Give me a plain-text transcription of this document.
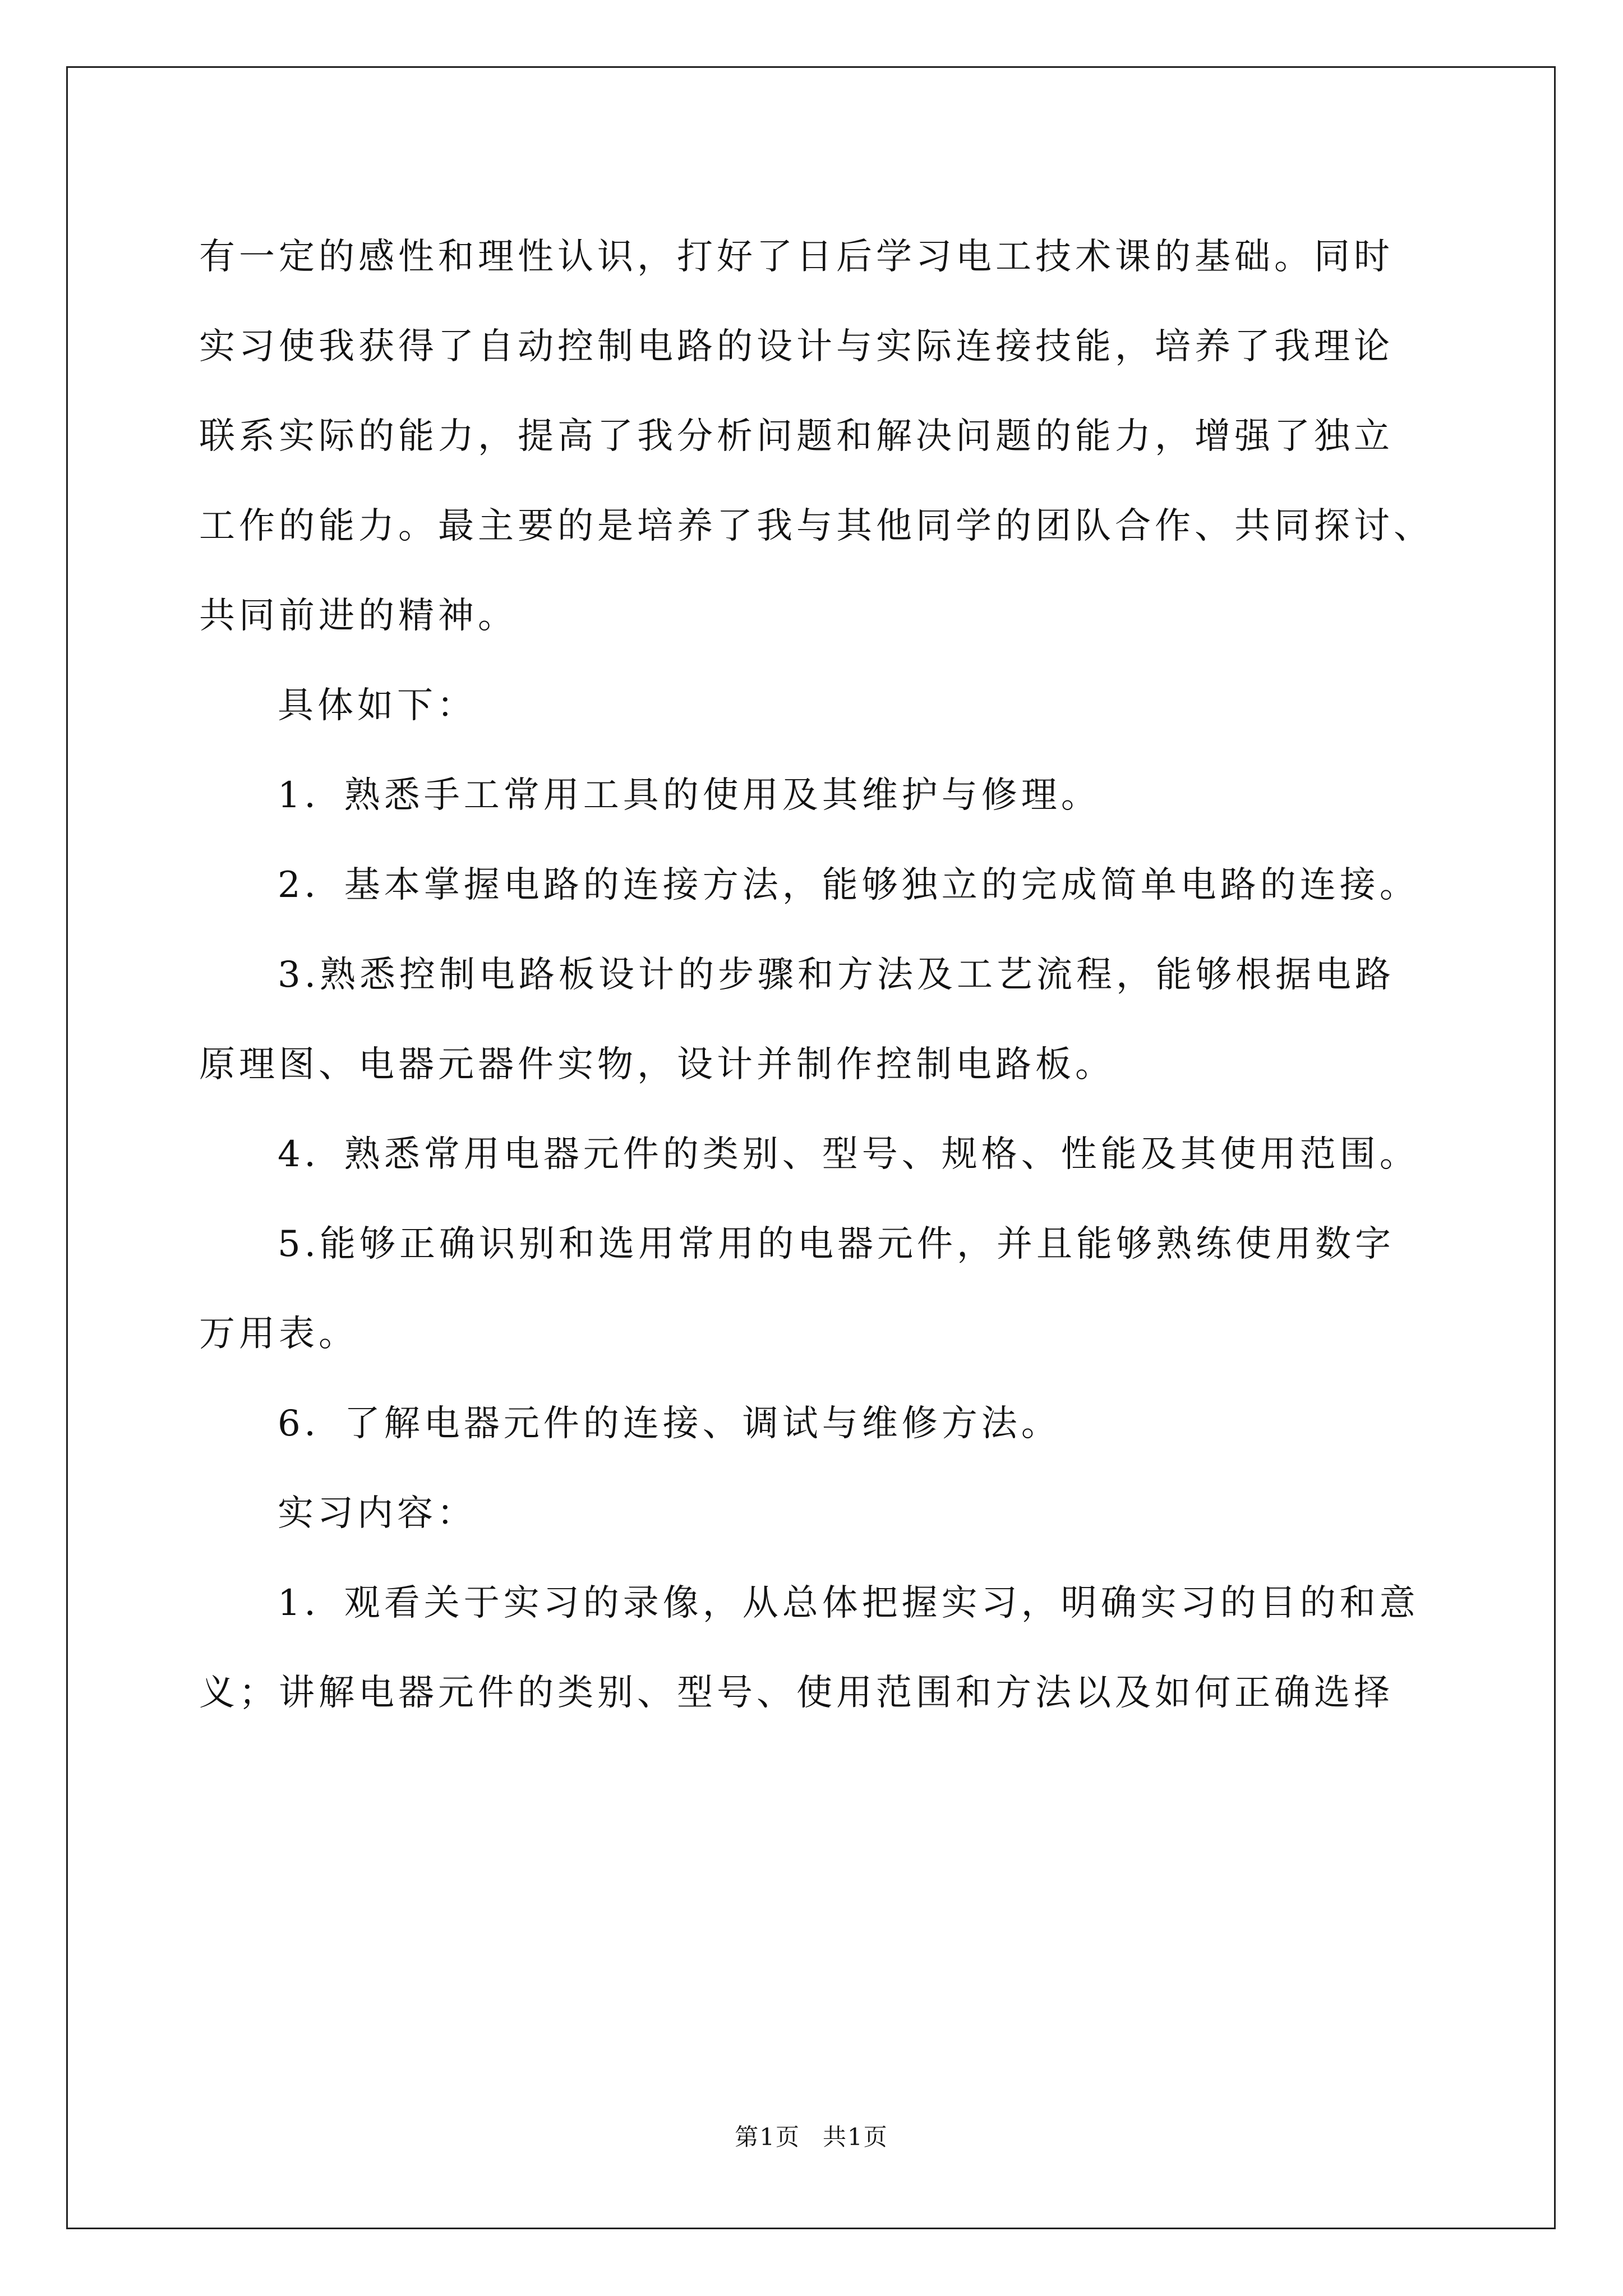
有一定的感性和理性认识，打好了日后学习电工技术课的基础。同时

实习使我获得了自动控制电路的设计与实际连接技能，培养了我理论

联系实际的能力，提高了我分析问题和解决问题的能力，增强了独立

工作的能力。最主要的是培养了我与其他同学的团队合作、共同探讨、

共同前进的精神。

具体如下：

1．熟悉手工常用工具的使用及其维护与修理。

2．基本掌握电路的连接方法，能够独立的完成简单电路的连接。

3.熟悉控制电路板设计的步骤和方法及工艺流程，能够根据电路

原理图、电器元器件实物，设计并制作控制电路板。

4．熟悉常用电器元件的类别、型号、规格、性能及其使用范围。

5.能够正确识别和选用常用的电器元件，并且能够熟练使用数字

万用表。

6．了解电器元件的连接、调试与维修方法。

实习内容：

1．观看关于实习的录像，从总体把握实习，明确实习的目的和意

义；讲解电器元件的类别、型号、使用范围和方法以及如何正确选择

第1页 共1页
